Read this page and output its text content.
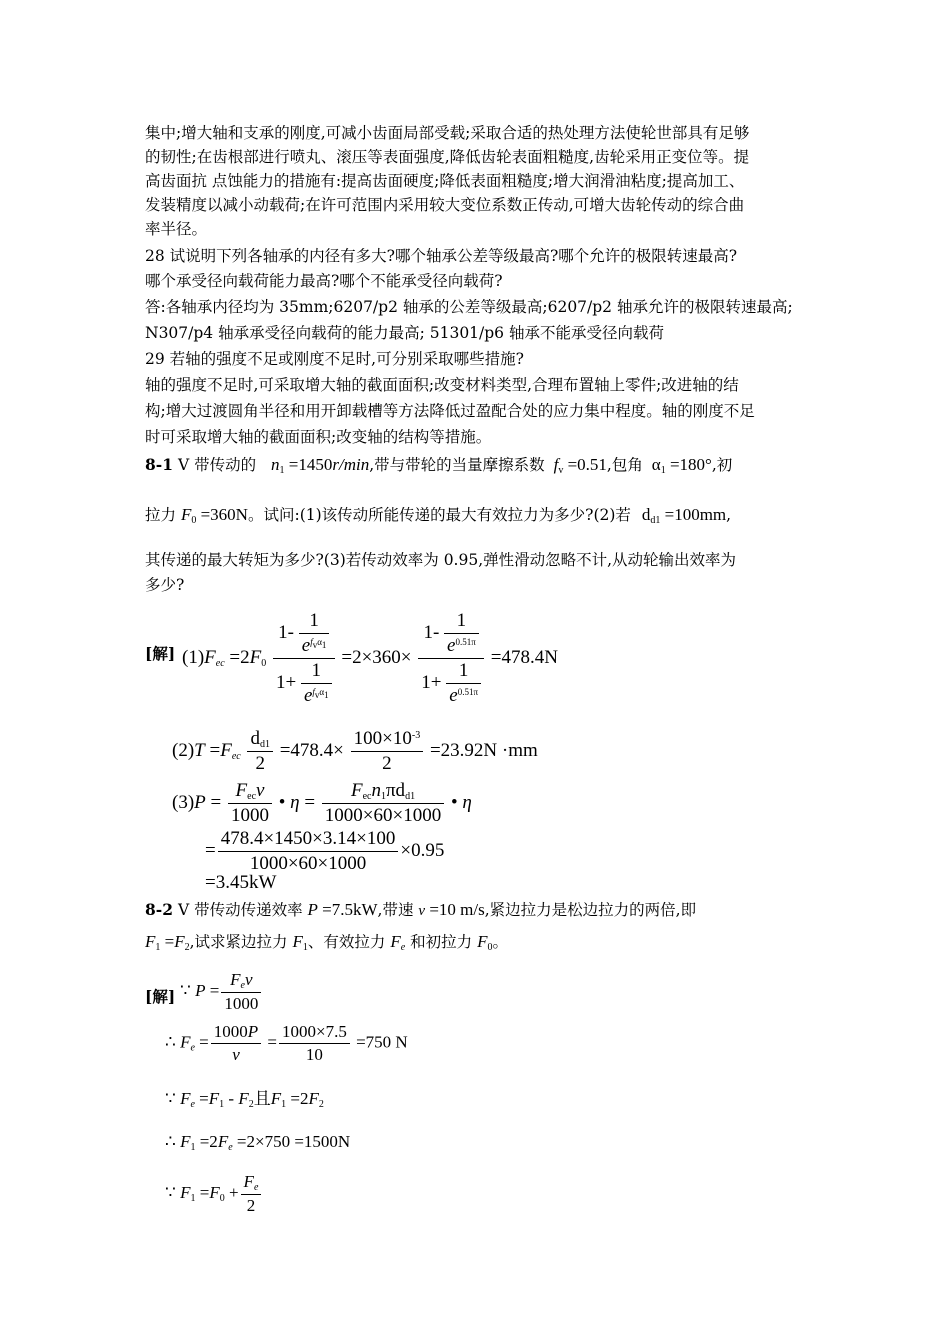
集中;增大轴和支承的刚度,可减小齿面局部受载;采取合适的热处理方法使轮世部具有足够
的韧性;在齿根部进行喷丸、滚压等表面强度,降低齿轮表面粗糙度,齿轮采用正变位等。提
高齿面抗 点蚀能力的措施有:提高齿面硬度;降低表面粗糙度;增大润滑油粘度;提高加工、
发装精度以减小动载荷;在许可范围内采用较大变位系数正传动,可增大齿轮传动的综合曲
率半径。
28 试说明下列各轴承的内径有多大?哪个轴承公差等级最高?哪个允许的极限转速最高?
哪个承受径向载荷能力最高?哪个不能承受径向载荷?
答:各轴承内径均为 35mm;6207/p2 轴承的公差等级最高;6207/p2 轴承允许的极限转速最高;
N307/p4 轴承承受径向载荷的能力最高; 51301/p6 轴承不能承受径向载荷
29 若轴的强度不足或刚度不足时,可分别采取哪些措施?
轴的强度不足时,可采取增大轴的截面面积;改变材料类型,合理布置轴上零件;改进轴的结
构;增大过渡圆角半径和用开卸载槽等方法降低过盈配合处的应力集中程度。轴的刚度不足
时可采取增大轴的截面面积;改变轴的结构等措施。
8-1 V 带传动的 $n_1 =1450r/\min$,带与带轮的当量摩擦系数 $f_v =0.51$,包角 $\alpha_1 =180^\circ$,初
拉力 $F_0 =360N$。试问:(1)该传动所能传递的最大有效拉力为多少?(2)若 $d_{d1} =100mm$,
其传递的最大转矩为多少?(3)若传动效率为 0.95,弹性滑动忽略不计,从动轮输出效率为
多少?
[解] $(1)F_{ec} =2F_0 \frac{1- \frac{1}{e^{f_v\alpha_1}}}{1+ \frac{1}{e^{f_v\alpha_1}}} =2\times 360\times \frac{1- \frac{1}{e^{0.51\pi}}}{1+ \frac{1}{e^{0.51\pi}}} =478.4N$
$(2)T =F_{ec} \frac{d_{d1}}{2} =478.4\times \frac{100\times 10^{-3}}{2} =23.92N \cdot mm$
$(3)P = \frac{F_{ec}v}{1000}$ • $\eta = \frac{F_{ec}n_1\pi d_{d1}}{1000\times 60\times 1000}$ • η
= $\frac{478.4\times 1450\times 3.14\times 100}{1000\times 60\times 1000} \times 0.95$
=3.45kW
8-2 V 带传动传递效率 P =7.5kW,带速 v =10 m/s,紧边拉力是松边拉力的两倍,即
$F_1 =F_2$,试求紧边拉力 $F_1$、有效拉力 $F_e$ 和初拉力 $F_0$。
[解] ∵ $P = \frac{F_ev}{1000}$
∴ $F_e = \frac{1000P}{v} = \frac{1000\times 7.5}{10} =750$ N
∵ $F_e =F_1 - F_2$且$F_1 =2F_2$
∴ $F_1 =2F_e =2\times 750 =1500N$
∵ $F_1 =F_0 + \frac{F_e}{2}$
